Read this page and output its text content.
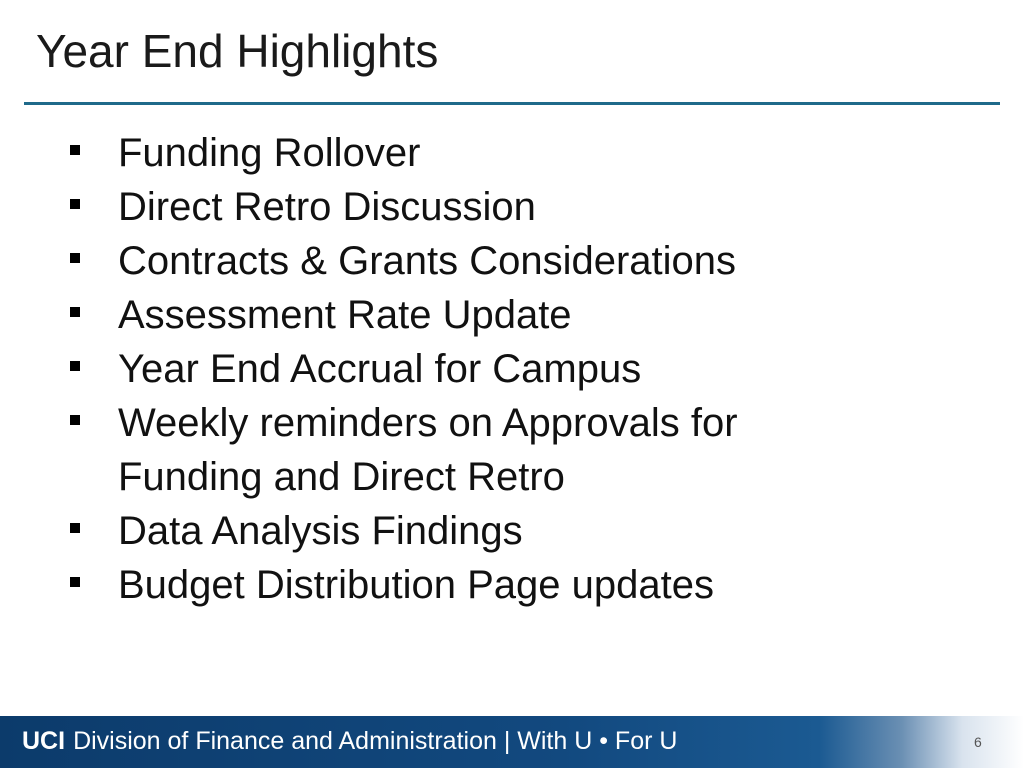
Year End Highlights
Funding Rollover
Direct Retro Discussion
Contracts & Grants Considerations
Assessment Rate Update
Year End Accrual for Campus
Weekly reminders on Approvals for Funding and Direct Retro
Data Analysis Findings
Budget Distribution Page updates
UCI Division of Finance and Administration | With U • For U	6
